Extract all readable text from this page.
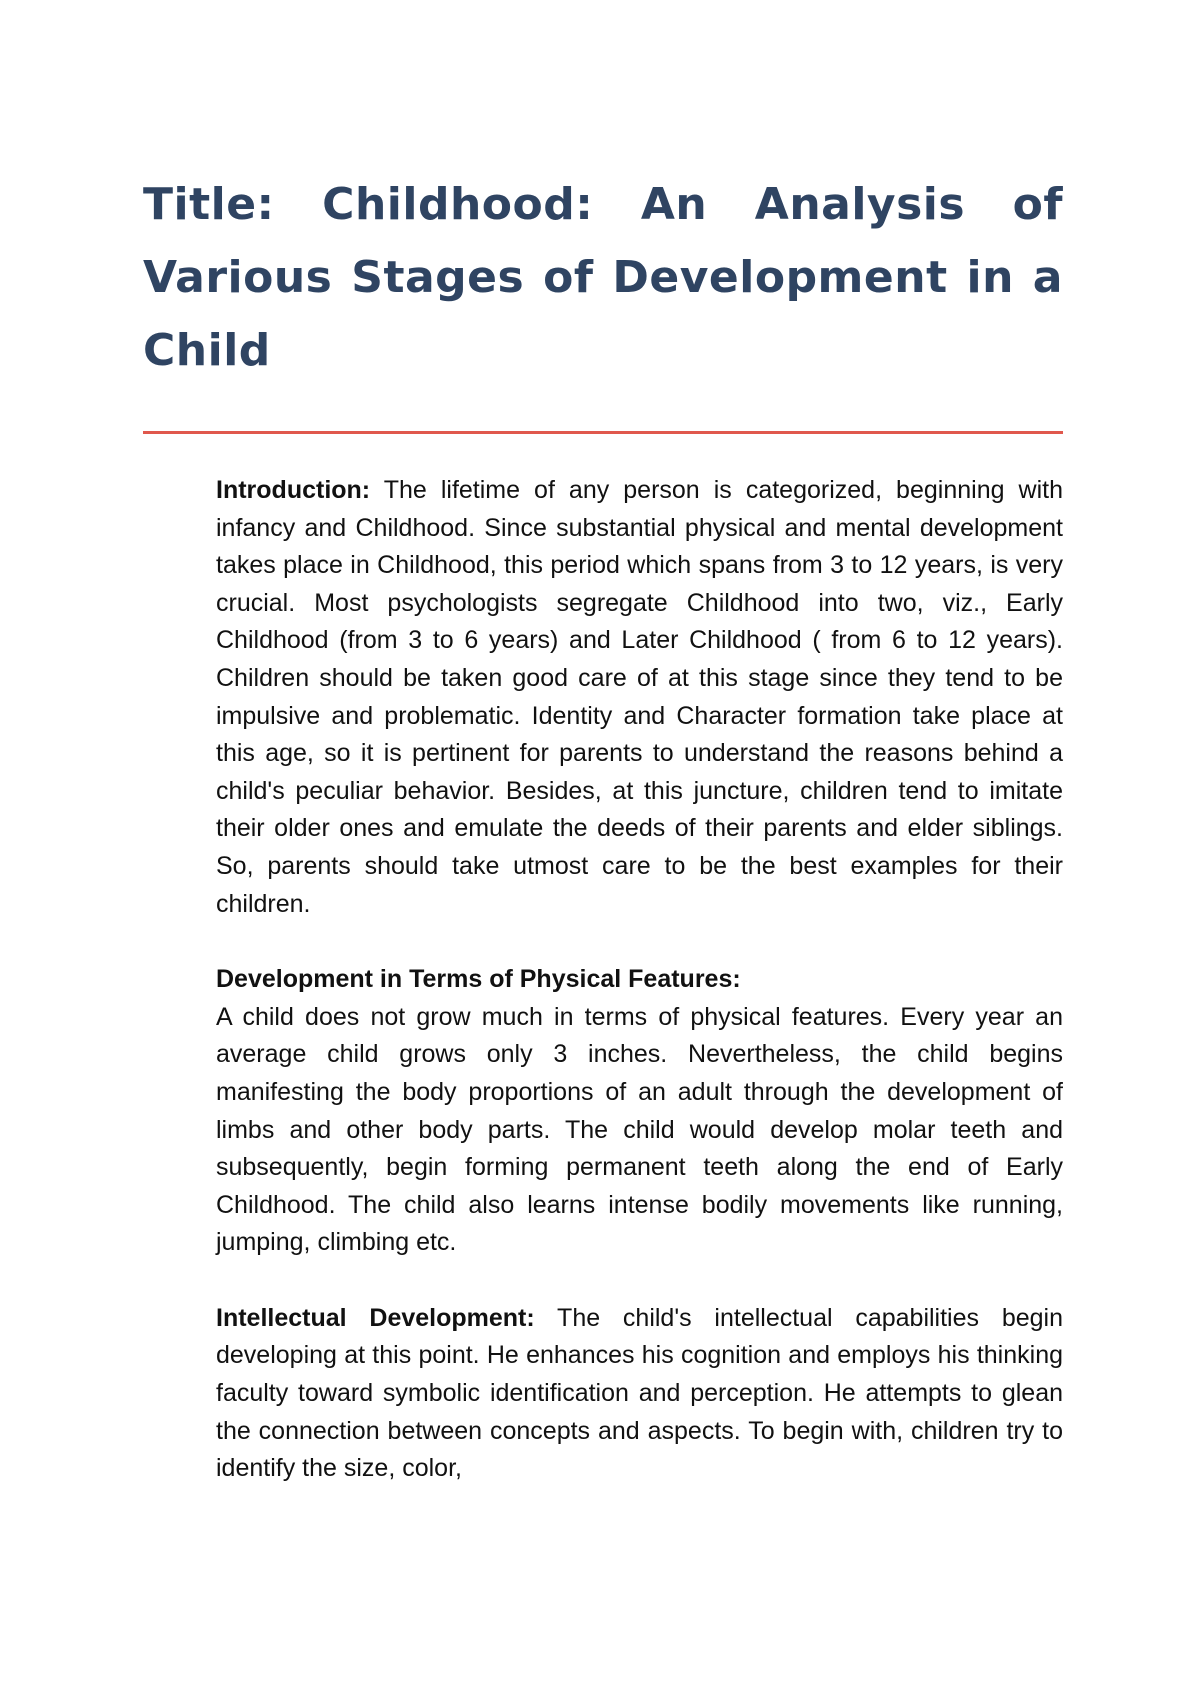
Title: Childhood: An Analysis of Various Stages of Development in a Child

Introduction: The lifetime of any person is categorized, beginning with infancy and Childhood. Since substantial physical and mental development takes place in Childhood, this period which spans from 3 to 12 years, is very crucial. Most psychologists segregate Childhood into two, viz., Early Childhood (from 3 to 6 years) and Later Childhood ( from 6 to 12 years). Children should be taken good care of at this stage since they tend to be impulsive and problematic. Identity and Character formation take place at this age, so it is pertinent for parents to understand the reasons behind a child's peculiar behavior. Besides, at this juncture, children tend to imitate their older ones and emulate the deeds of their parents and elder siblings. So, parents should take utmost care to be the best examples for their children.

Development in Terms of Physical Features:
A child does not grow much in terms of physical features. Every year an average child grows only 3 inches. Nevertheless, the child begins manifesting the body proportions of an adult through the development of limbs and other body parts. The child would develop molar teeth and subsequently, begin forming permanent teeth along the end of Early Childhood. The child also learns intense bodily movements like running, jumping, climbing etc.

Intellectual Development: The child's intellectual capabilities begin developing at this point. He enhances his cognition and employs his thinking faculty toward symbolic identification and perception. He attempts to glean the connection between concepts and aspects. To begin with, children try to identify the size, color,
